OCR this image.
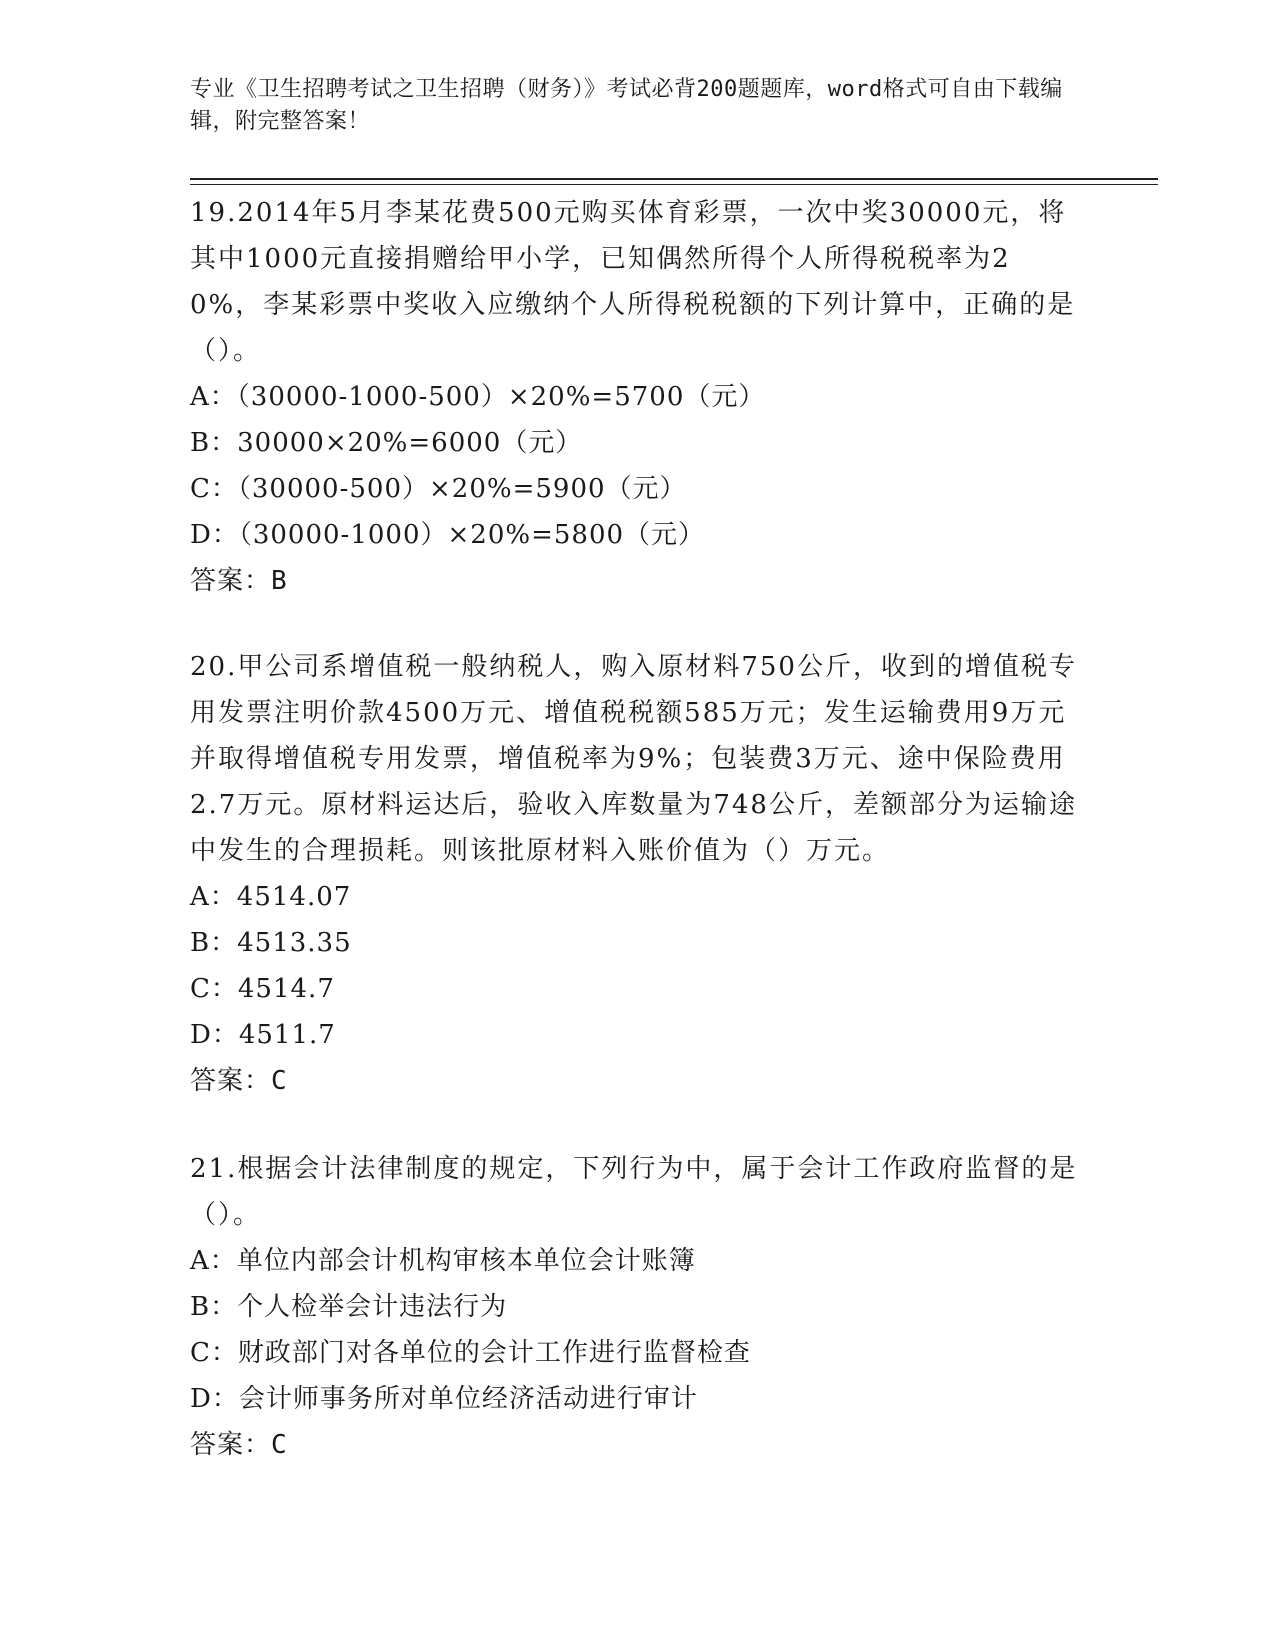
专业《卫生招聘考试之卫生招聘（财务）》考试必背200题题库，word格式可自由下载编辑，附完整答案！
19.2014年5月李某花费500元购买体育彩票，一次中奖30000元，将其中1000元直接捐赠给甲小学，已知偶然所得个人所得税税率为20%，李某彩票中奖收入应缴纳个人所得税税额的下列计算中，正确的是（）。
A：（30000-1000-500）×20%=5700（元）
B：30000×20%=6000（元）
C：（30000-500）×20%=5900（元）
D：（30000-1000）×20%=5800（元）
答案：B
20.甲公司系增值税一般纳税人，购入原材料750公斤，收到的增值税专用发票注明价款4500万元、增值税税额585万元；发生运输费用9万元并取得增值税专用发票，增值税率为9%；包装费3万元、途中保险费用2.7万元。原材料运达后，验收入库数量为748公斤，差额部分为运输途中发生的合理损耗。则该批原材料入账价值为（）万元。
A：4514.07
B：4513.35
C：4514.7
D：4511.7
答案：C
21.根据会计法律制度的规定，下列行为中，属于会计工作政府监督的是（）。
A：单位内部会计机构审核本单位会计账簿
B：个人检举会计违法行为
C：财政部门对各单位的会计工作进行监督检查
D：会计师事务所对单位经济活动进行审计
答案：C
